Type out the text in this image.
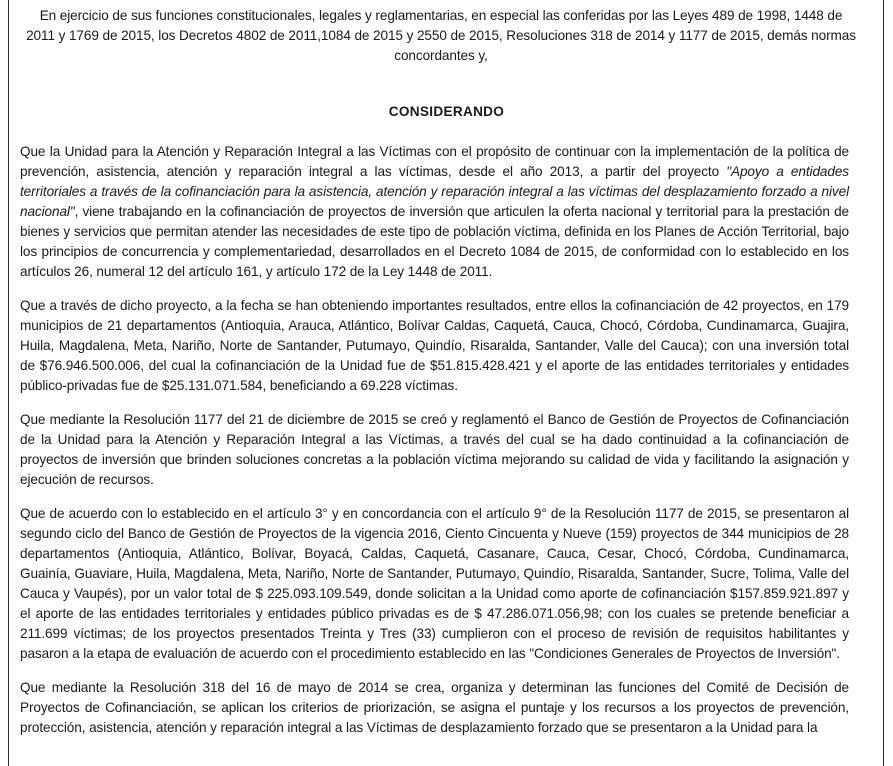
En ejercicio de sus funciones constitucionales, legales y reglamentarias, en especial las conferidas por las Leyes 489 de 1998, 1448 de 2011 y 1769 de 2015, los Decretos 4802 de 2011,1084 de 2015 y 2550 de 2015, Resoluciones 318 de 2014 y 1177 de 2015, demás normas concordantes y,
CONSIDERANDO

Que la Unidad para la Atención y Reparación Integral a las Víctimas con el propósito de continuar con la implementación de la política de prevención, asistencia, atención y reparación integral a las víctimas, desde el año 2013, a partir del proyecto "Apoyo a entidades territoriales a través de la cofinanciación para la asistencia, atención y reparación integral a las víctimas del desplazamiento forzado a nivel nacional", viene trabajando en la cofinanciación de proyectos de inversión que articulen la oferta nacional y territorial para la prestación de bienes y servicios que permitan atender las necesidades de este tipo de población víctima, definida en los Planes de Acción Territorial, bajo los principios de concurrencia y complementariedad, desarrollados en el Decreto 1084 de 2015, de conformidad con lo establecido en los artículos 26, numeral 12 del artículo 161, y artículo 172 de la Ley 1448 de 2011.

Que a través de dicho proyecto, a la fecha se han obteniendo importantes resultados, entre ellos la cofinanciación de 42 proyectos, en 179 municipios de 21 departamentos (Antioquia, Arauca, Atlántico, Bolívar Caldas, Caquetá, Cauca, Chocó, Córdoba, Cundinamarca, Guajira, Huila, Magdalena, Meta, Nariño, Norte de Santander, Putumayo, Quindío, Risaralda, Santander, Valle del Cauca); con una inversión total de $76.946.500.006, del cual la cofinanciación de la Unidad fue de $51.815.428.421 y el aporte de las entidades territoriales y entidades público-privadas fue de $25.131.071.584, beneficiando a 69.228 víctimas.

Que mediante la Resolución 1177 del 21 de diciembre de 2015 se creó y reglamentó el Banco de Gestión de Proyectos de Cofinanciación de la Unidad para la Atención y Reparación Integral a las Víctimas, a través del cual se ha dado continuidad a la cofinanciación de proyectos de inversión que brinden soluciones concretas a la población víctima mejorando su calidad de vida y facilitando la asignación y ejecución de recursos.

Que de acuerdo con lo establecido en el artículo 3° y en concordancia con el artículo 9° de la Resolución 1177 de 2015, se presentaron al segundo ciclo del Banco de Gestión de Proyectos de la vigencia 2016, Ciento Cincuenta y Nueve (159) proyectos de 344 municipios de 28 departamentos (Antioquia, Atlántico, Bolívar, Boyacá, Caldas, Caquetá, Casanare, Cauca, Cesar, Chocó, Córdoba, Cundinamarca, Guainía, Guaviare, Huila, Magdalena, Meta, Nariño, Norte de Santander, Putumayo, Quindío, Risaralda, Santander, Sucre, Tolima, Valle del Cauca y Vaupés), por un valor total de $ 225.093.109.549, donde solicitan a la Unidad como aporte de cofinanciación $157.859.921.897 y el aporte de las entidades territoriales y entidades público privadas es de $ 47.286.071.056,98; con los cuales se pretende beneficiar a 211.699 víctimas; de los proyectos presentados Treinta y Tres (33) cumplieron con el proceso de revisión de requisitos habilitantes y pasaron a la etapa de evaluación de acuerdo con el procedimiento establecido en las "Condiciones Generales de Proyectos de Inversión".

Que mediante la Resolución 318 del 16 de mayo de 2014 se crea, organiza y determinan las funciones del Comité de Decisión de Proyectos de Cofinanciación, se aplican los criterios de priorización, se asigna el puntaje y los recursos a los proyectos de prevención, protección, asistencia, atención y reparación integral a las Víctimas de desplazamiento forzado que se presentaron a la Unidad para la
